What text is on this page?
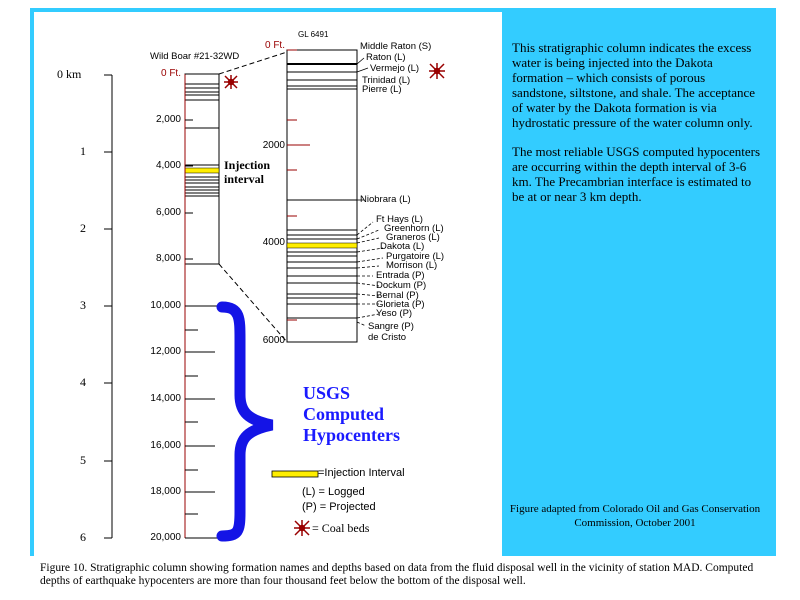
0 km
1
2
3
4
5
6
Wild Boar #21-32WD
0 Ft.
2,000
4,000
6,000
8,000
10,000
12,000
14,000
16,000
18,000
20,000
Injection interval
GL 6491
0 Ft.
2000
4000
6000
Middle Raton (S)
Raton (L)
Vermejo (L)
Trinidad (L)
Pierre (L)
Niobrara (L)
Ft Hays (L)
Greenhorn (L)
Graneros (L)
Dakota (L)
Purgatoire (L)
Morrison (L)
Entrada (P)
Dockum (P)
Bernal (P)
Glorieta (P)
Yeso (P)
Sangre (P)
de Cristo
USGS
Computed
Hypocenters
=Injection Interval
(L) = Logged
(P) = Projected
= Coal beds

This stratigraphic column indicates the excess water is being injected into the Dakota formation – which consists of porous sandstone, siltstone, and shale. The acceptance of water by the Dakota formation is via hydrostatic pressure of the water column only.

The most reliable USGS computed hypocenters are occurring within the depth interval of 3-6 km. The Precambrian interface is estimated to be at or near 3 km depth.

Figure adapted from Colorado Oil and Gas Conservation Commission, October 2001
Figure 10. Stratigraphic column showing formation names and depths based on data from the fluid disposal well in the vicinity of station MAD. Computed depths of earthquake hypocenters are more than four thousand feet below the bottom of the disposal well.
